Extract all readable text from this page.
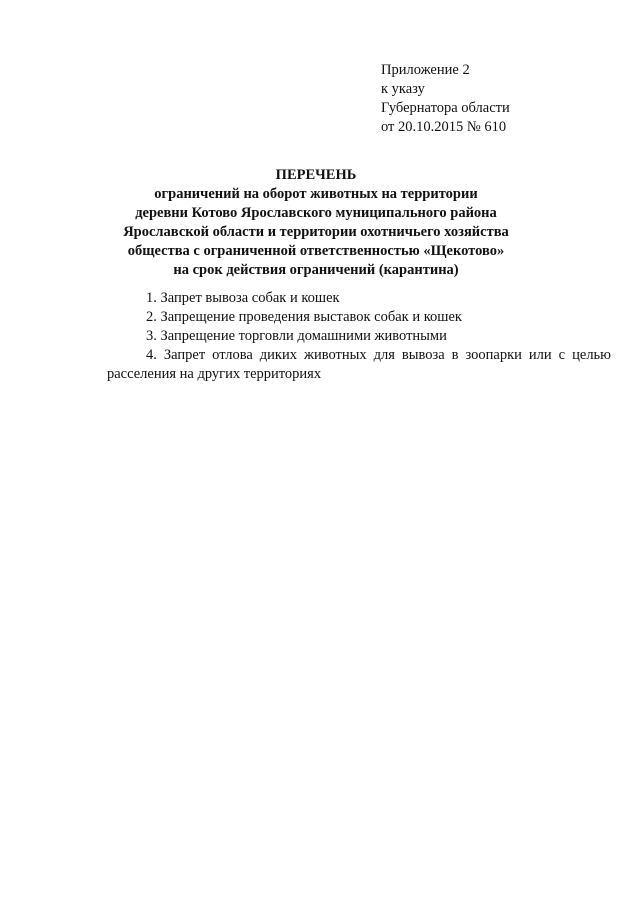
Приложение 2
к указу
Губернатора области
от 20.10.2015 № 610
ПЕРЕЧЕНЬ
ограничений на оборот животных на территории
деревни Котово Ярославского муниципального района
Ярославской области и территории охотничьего хозяйства
общества с ограниченной ответственностью «Щекотово»
на срок действия ограничений (карантина)
1. Запрет вывоза собак и кошек
2. Запрещение проведения выставок собак и кошек
3. Запрещение торговли домашними животными
4. Запрет отлова диких животных для вывоза в зоопарки или с целью расселения на других территориях
